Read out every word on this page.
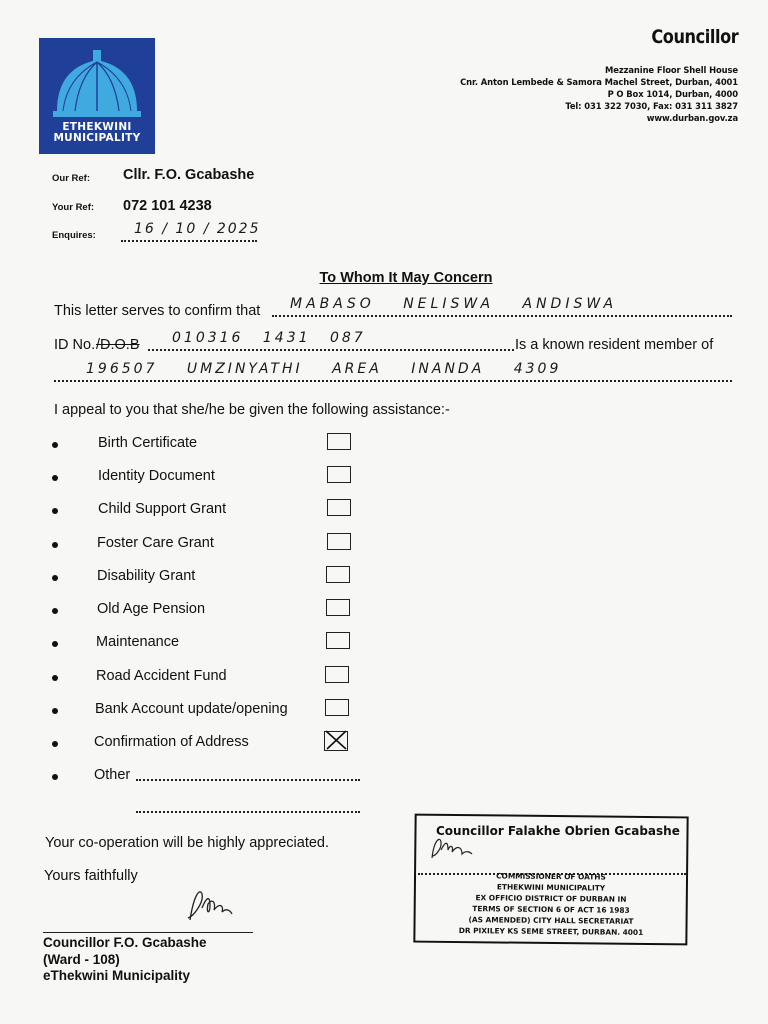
ETHEKWINI
MUNICIPALITY
Councillor
Mezzanine Floor Shell House
Cnr. Anton Lembede & Samora Machel Street, Durban, 4001
P O Box 1014, Durban, 4000
Tel: 031 322 7030, Fax: 031 311 3827
www.durban.gov.za
Our Ref: Cllr. F.O. Gcabashe
Your Ref: 072 101 4238
Enquires:	16 / 10 / 2025
To Whom It May Concern
This letter serves to confirm that MABASO NELISWA ANDISWA
ID No. /D.O.B 010316 1431 087	Is a known resident member of
196507 UMZINYATHI AREA INANDA 4309
I appeal to you that she/he be given the following assistance:-
Birth Certificate
Identity Document
Child Support Grant
Foster Care Grant
Disability Grant
Old Age Pension
Maintenance
Road Accident Fund
Bank Account update/opening
Confirmation of Address
Other
Your co-operation will be highly appreciated.
Yours faithfully
Councillor F.O. Gcabashe
(Ward - 108)
eThekwini Municipality
Councillor Falakhe Obrien Gcabashe
COMMISSIONER OF OATHS
ETHEKWINI MUNICIPALITY
EX OFFICIO DISTRICT OF DURBAN IN
TERMS OF SECTION 6 OF ACT 16 1983
(AS AMENDED) CITY HALL SECRETARIAT
DR PIXILEY KS SEME STREET, DURBAN. 4001
